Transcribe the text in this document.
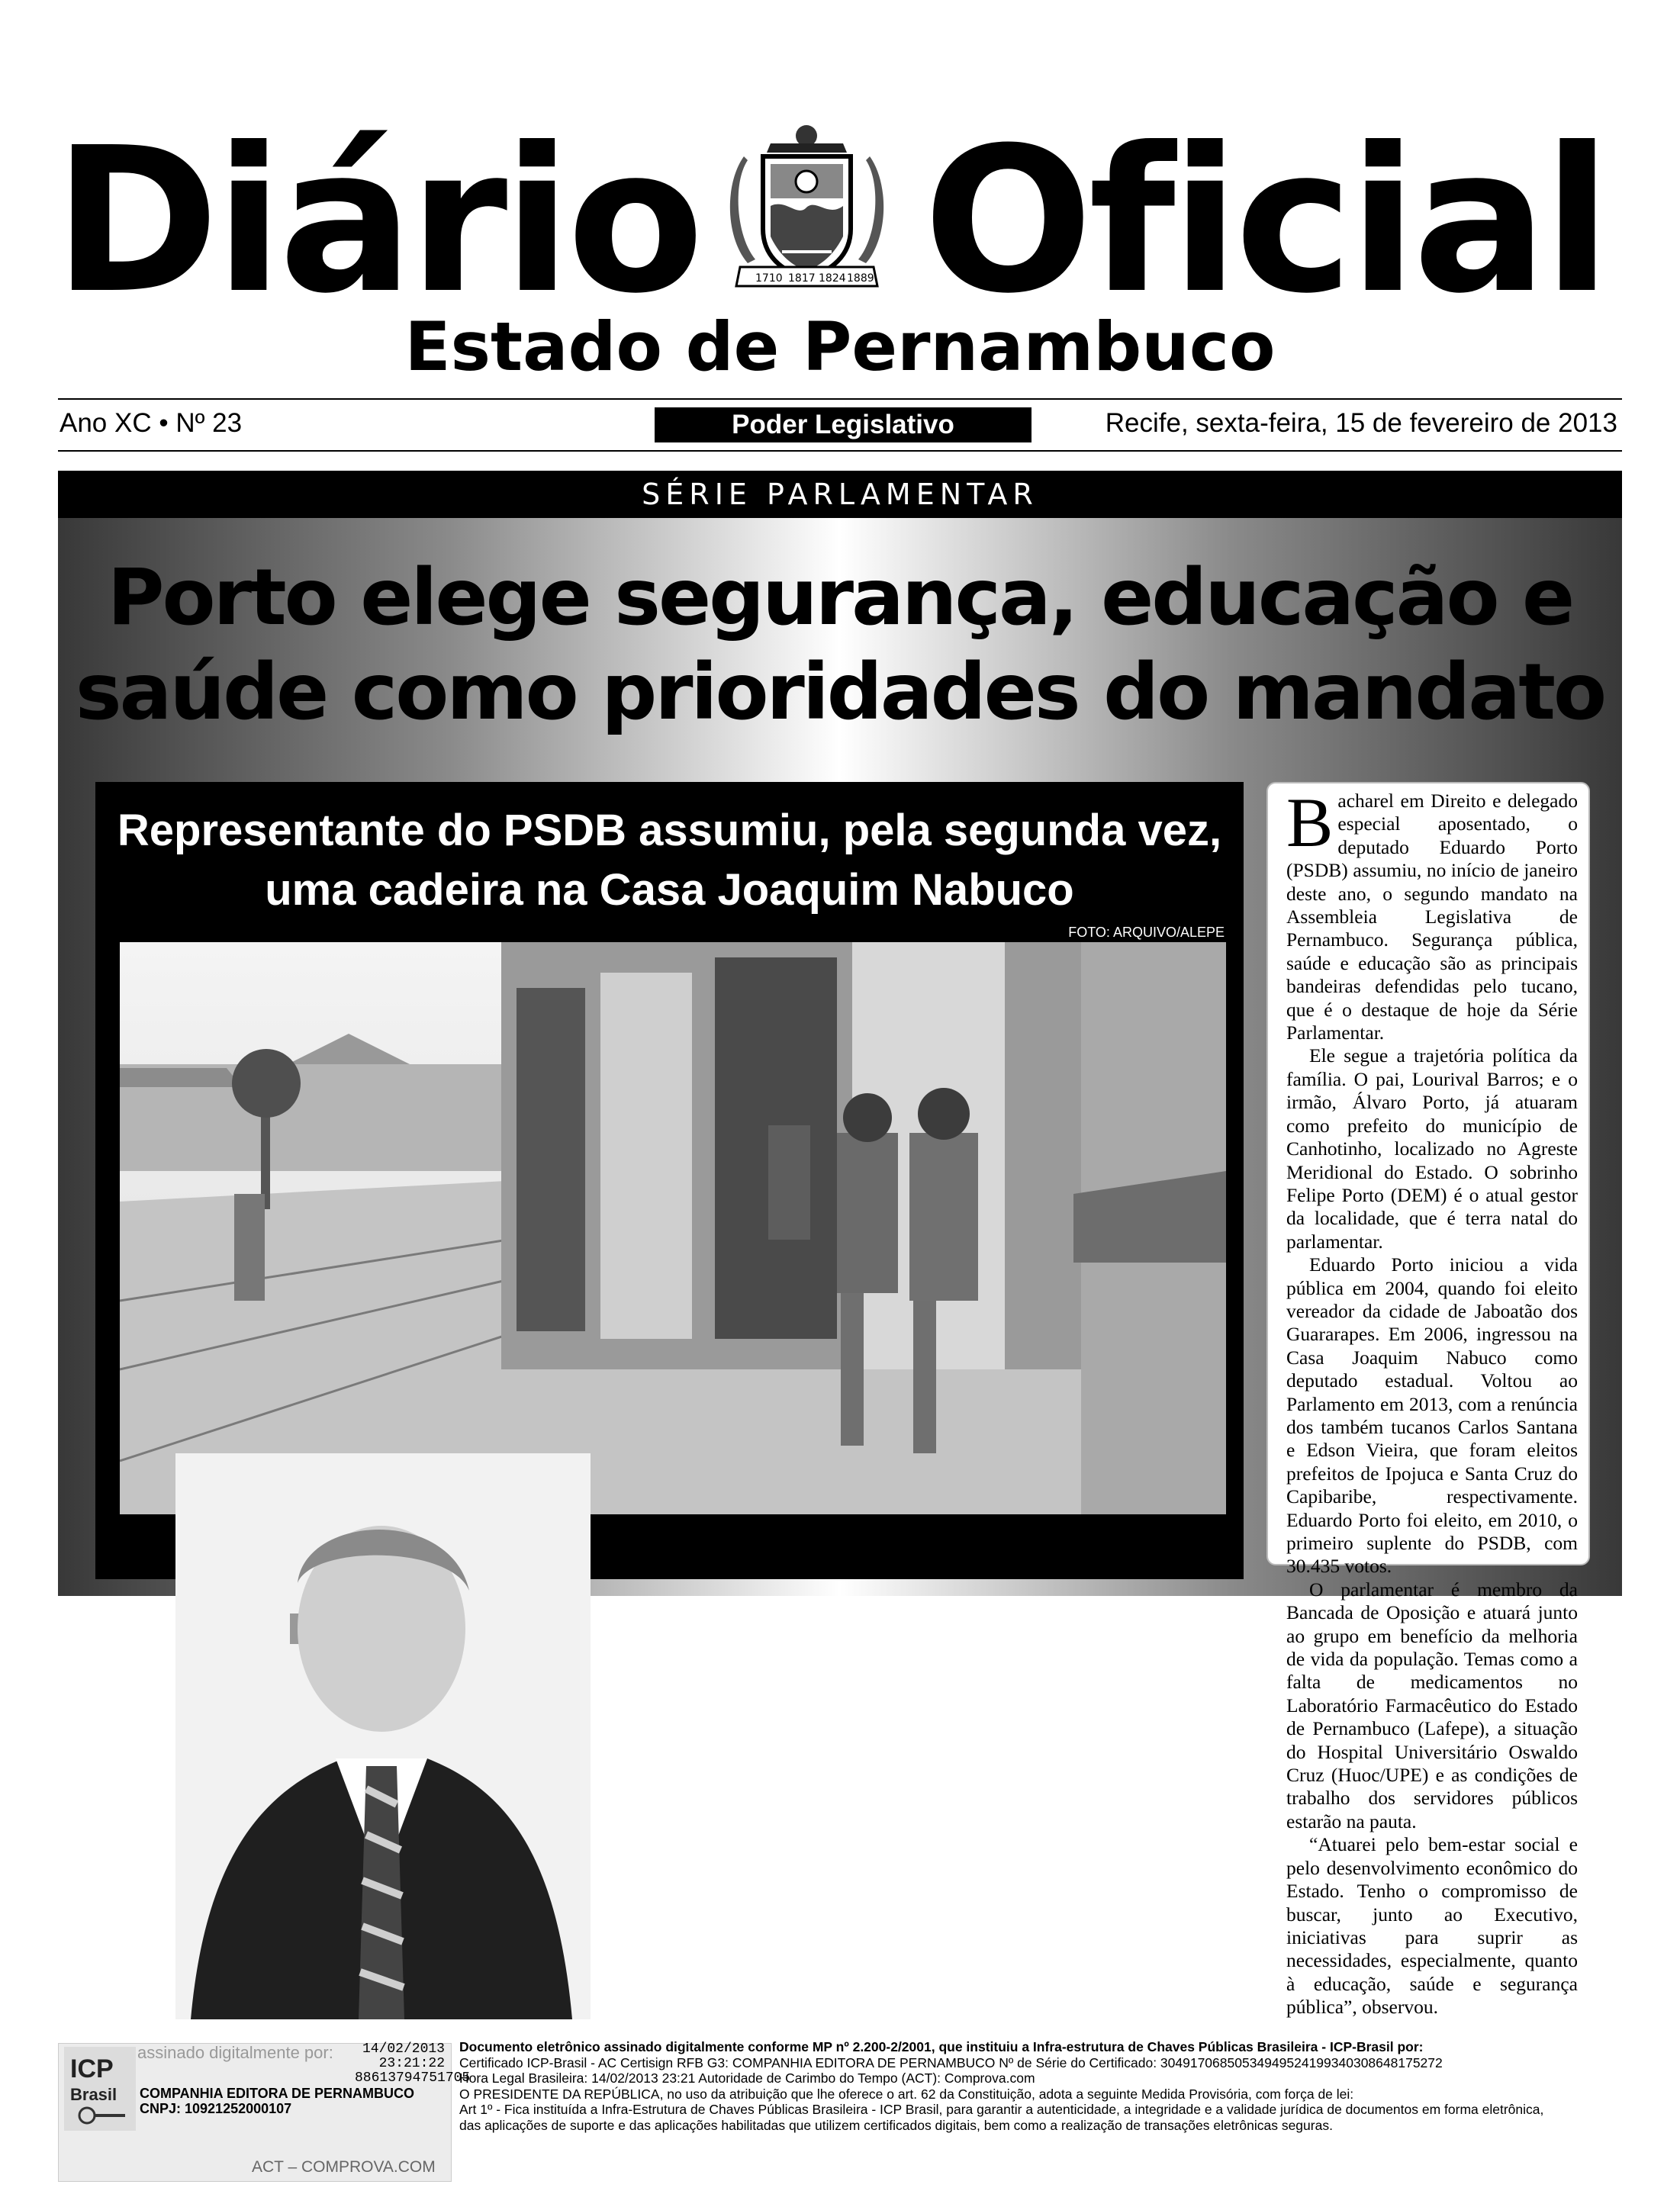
Diário Oficial
1710 1817 1824 1889
Estado de Pernambuco
Ano XC • Nº 23	Poder Legislativo	Recife, sexta-feira, 15 de fevereiro de 2013
SÉRIE PARLAMENTAR
Porto elege segurança, educação e
saúde como prioridades do mandato
Representante do PSDB assumiu, pela segunda vez, uma cadeira na Casa Joaquim Nabuco
FOTO: ARQUIVO/ALEPE
FOTO: JOÃO BITA/ARQUIVO ALEPE
SOCIAL - Natural de Canhotinho, deputado (ao lado) integra família de políticos. Após se formar em Direito e ser delegado especial, optou atuar em prol de segmentos que preocupam maior parte da população

Bacharel em Direito e delegado especial aposentado, o deputado Eduardo Porto (PSDB) assumiu, no início de janeiro deste ano, o segundo mandato na Assembleia Legislativa de Pernambuco. Segurança pública, saúde e educação são as principais bandeiras defendidas pelo tucano, que é o destaque de hoje da Série Parlamentar.

Ele segue a trajetória política da família. O pai, Lourival Barros; e o irmão, Álvaro Porto, já atuaram como prefeito do município de Canhotinho, localizado no Agreste Meridional do Estado. O sobrinho Felipe Porto (DEM) é o atual gestor da localidade, que é terra natal do parlamentar.

Eduardo Porto iniciou a vida pública em 2004, quando foi eleito vereador da cidade de Jaboatão dos Guararapes. Em 2006, ingressou na Casa Joaquim Nabuco como deputado estadual. Voltou ao Parlamento em 2013, com a renúncia dos também tucanos Carlos Santana e Edson Vieira, que foram eleitos prefeitos de Ipojuca e Santa Cruz do Capibaribe, respectivamente. Eduardo Porto foi eleito, em 2010, o primeiro suplente do PSDB, com 30.435 votos.

O parlamentar é membro da Bancada de Oposição e atuará junto ao grupo em benefício da melhoria de vida da população. Temas como a falta de medicamentos no Laboratório Farmacêutico do Estado de Pernambuco (Lafepe), a situação do Hospital Universitário Oswaldo Cruz (Huoc/UPE) e as condições de trabalho dos servidores públicos estarão na pauta.

“Atuarei pelo bem-estar social e pelo desenvolvimento econômico do Estado. Tenho o compromisso de buscar, junto ao Executivo, iniciativas para suprir as necessidades, especialmente, quanto à educação, saúde e segurança pública”, observou.

ICP
Brasil
assinado digitalmente por:	14/02/2013
23:21:22
88613794751705
COMPANHIA EDITORA DE PERNAMBUCO
CNPJ: 10921252000107
ACT – COMPROVA.COM
Documento eletrônico assinado digitalmente conforme MP nº 2.200-2/2001, que instituiu a Infra-estrutura de Chaves Públicas Brasileira - ICP-Brasil por:
Certificado ICP-Brasil - AC Certisign RFB G3: COMPANHIA EDITORA DE PERNAMBUCO Nº de Série do Certificado: 304917068505349495241993403086481752​72
Hora Legal Brasileira: 14/02/2013 23:21 Autoridade de Carimbo do Tempo (ACT): Comprova.com
O PRESIDENTE DA REPÚBLICA, no uso da atribuição que lhe oferece o art. 62 da Constituição, adota a seguinte Medida Provisória, com força de lei:
Art 1º - Fica instituída a Infra-Estrutura de Chaves Públicas Brasileira - ICP Brasil, para garantir a autenticidade, a integridade e a validade jurídica de documentos em forma eletrônica,
das aplicações de suporte e das aplicações habilitadas que utilizem certificados digitais, bem como a realização de transações eletrônicas seguras.
